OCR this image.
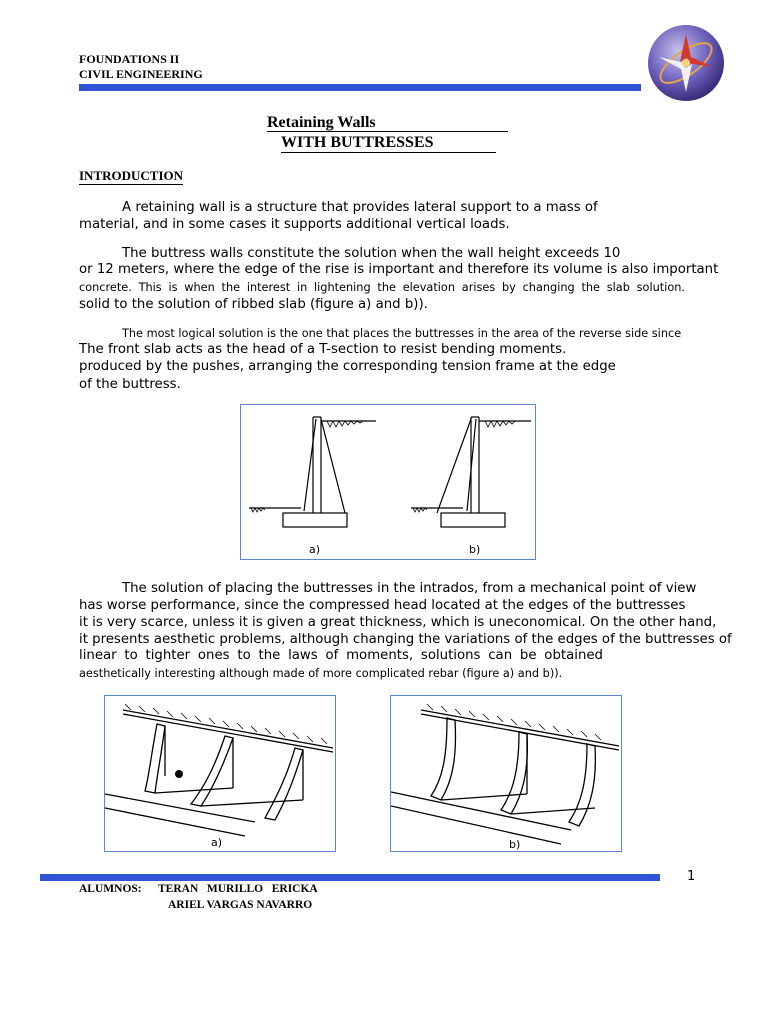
FOUNDATIONS II
CIVIL ENGINEERING
Retaining Walls
WITH BUTTRESSES
INTRODUCTION
A retaining wall is a structure that provides lateral support to a mass of
material, and in some cases it supports additional vertical loads.
The buttress walls constitute the solution when the wall height exceeds 10
or 12 meters, where the edge of the rise is important and therefore its volume is also important
concrete. This is when the interest in lightening the elevation arises by changing the slab solution.
solid to the solution of ribbed slab (figure a) and b)).
The most logical solution is the one that places the buttresses in the area of the reverse side since
The front slab acts as the head of a T-section to resist bending moments.
produced by the pushes, arranging the corresponding tension frame at the edge
of the buttress.
a)	b)
The solution of placing the buttresses in the intrados, from a mechanical point of view
has worse performance, since the compressed head located at the edges of the buttresses
it is very scarce, unless it is given a great thickness, which is uneconomical. On the other hand,
it presents aesthetic problems, although changing the variations of the edges of the buttresses of
linear to tighter ones to the laws of moments, solutions can be obtained
aesthetically interesting although made of more complicated rebar (figure a) and b)).
a)	b)
1
ALUMNOS: TERAN   MURILLO   ERICKA
ARIEL VARGAS NAVARRO
